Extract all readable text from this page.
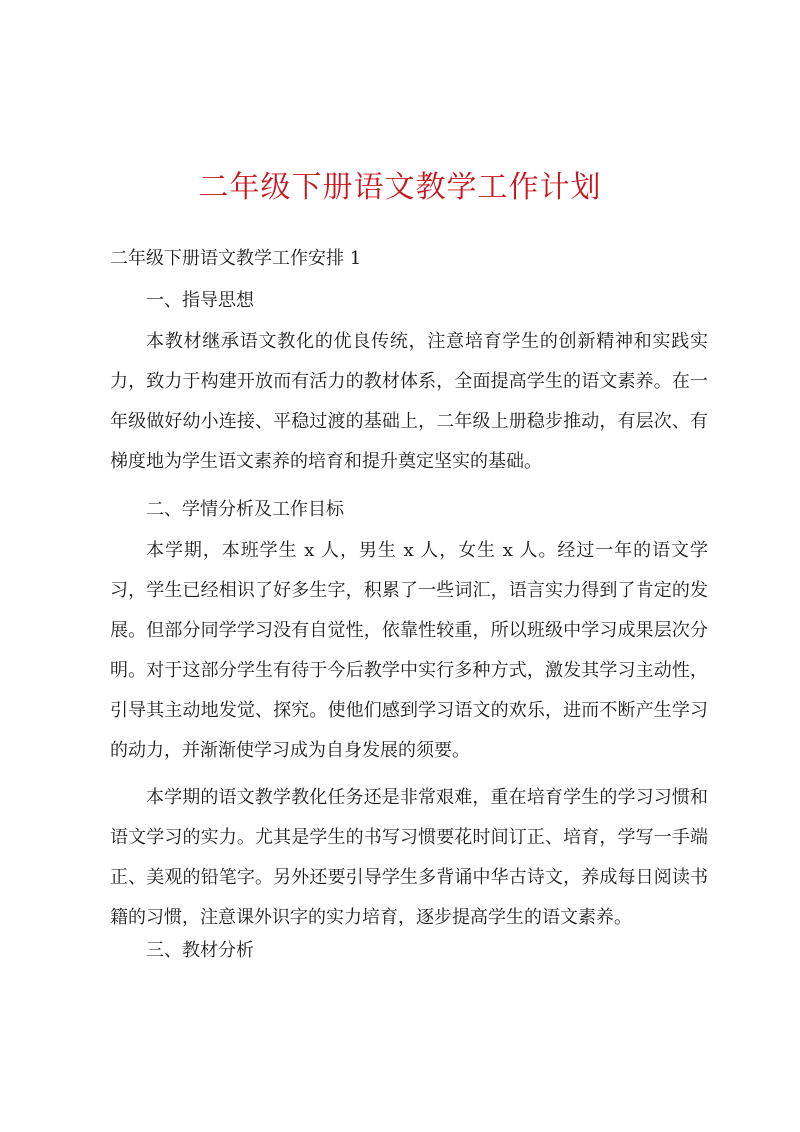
二年级下册语文教学工作计划
二年级下册语文教学工作安排 1
一、指导思想
本教材继承语文教化的优良传统，注意培育学生的创新精神和实践实力，致力于构建开放而有活力的教材体系，全面提高学生的语文素养。在一年级做好幼小连接、平稳过渡的基础上，二年级上册稳步推动，有层次、有梯度地为学生语文素养的培育和提升奠定坚实的基础。
二、学情分析及工作目标
本学期，本班学生 x 人，男生 x 人，女生 x 人。经过一年的语文学习，学生已经相识了好多生字，积累了一些词汇，语言实力得到了肯定的发展。但部分同学学习没有自觉性，依靠性较重，所以班级中学习成果层次分明。对于这部分学生有待于今后教学中实行多种方式，激发其学习主动性，引导其主动地发觉、探究。使他们感到学习语文的欢乐，进而不断产生学习的动力，并渐渐使学习成为自身发展的须要。
本学期的语文教学教化任务还是非常艰难，重在培育学生的学习习惯和语文学习的实力。尤其是学生的书写习惯要花时间订正、培育，学写一手端正、美观的铅笔字。另外还要引导学生多背诵中华古诗文，养成每日阅读书籍的习惯，注意课外识字的实力培育，逐步提高学生的语文素养。
三、教材分析
